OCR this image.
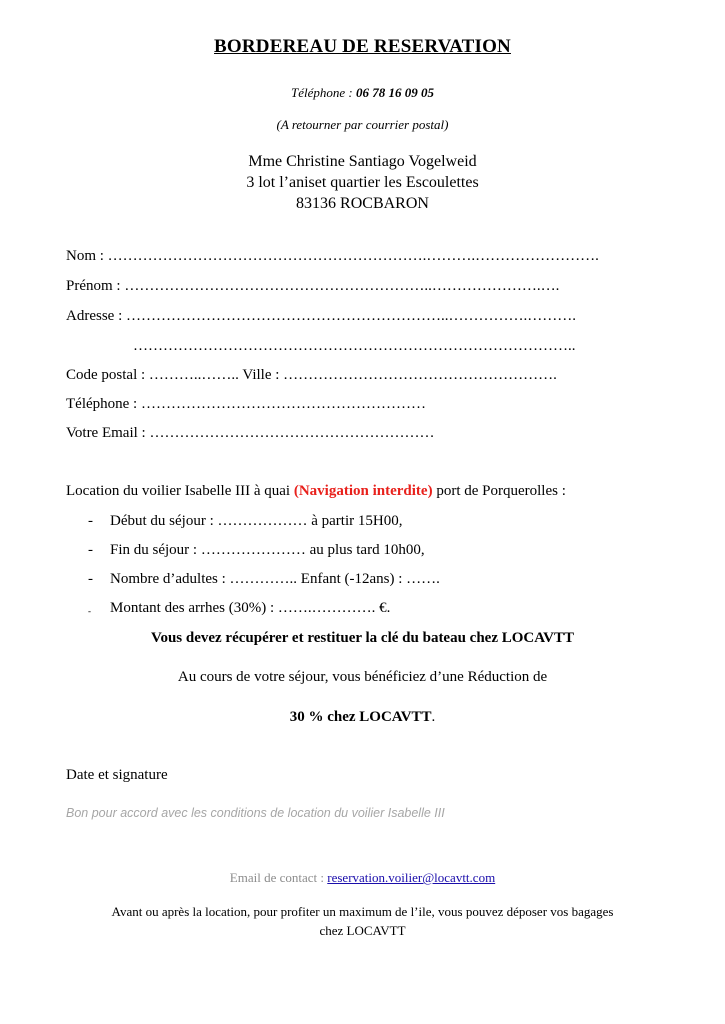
BORDEREAU DE RESERVATION
Téléphone : 06 78 16 09 05
(A retourner par courrier postal)
Mme Christine Santiago Vogelweid
3 lot l’aniset quartier les Escoulettes
83136 ROCBARON
Nom : ……………………………………………………….……….…………………….
Prénom : ……………………………………………………..………………….….
Adresse : ………………………………………………………..…………….……….
……………………………………………………………………………..
Code postal : ………..…….. Ville : ……………………………………………….
Téléphone : …………………………………………………
Votre Email : …………………………………………………
Location du voilier Isabelle III à quai (Navigation interdite) port de Porquerolles :
- Début du séjour : ……………… à partir 15H00,
- Fin du séjour : ………………… au plus tard 10h00,
- Nombre d’adultes : ………….. Enfant (-12ans) : …….
- Montant des arrhes (30%) : …….…………. €.
Vous devez récupérer et restituer la clé du bateau chez LOCAVTT
Au cours de votre séjour, vous bénéficiez d’une Réduction de
30 % chez LOCAVTT.
Date et signature
Bon pour accord avec les conditions de location du voilier Isabelle III
Email de contact : reservation.voilier@locavtt.com
Avant ou après la location, pour profiter un maximum de l’ile, vous pouvez déposer vos bagages
chez LOCAVTT
